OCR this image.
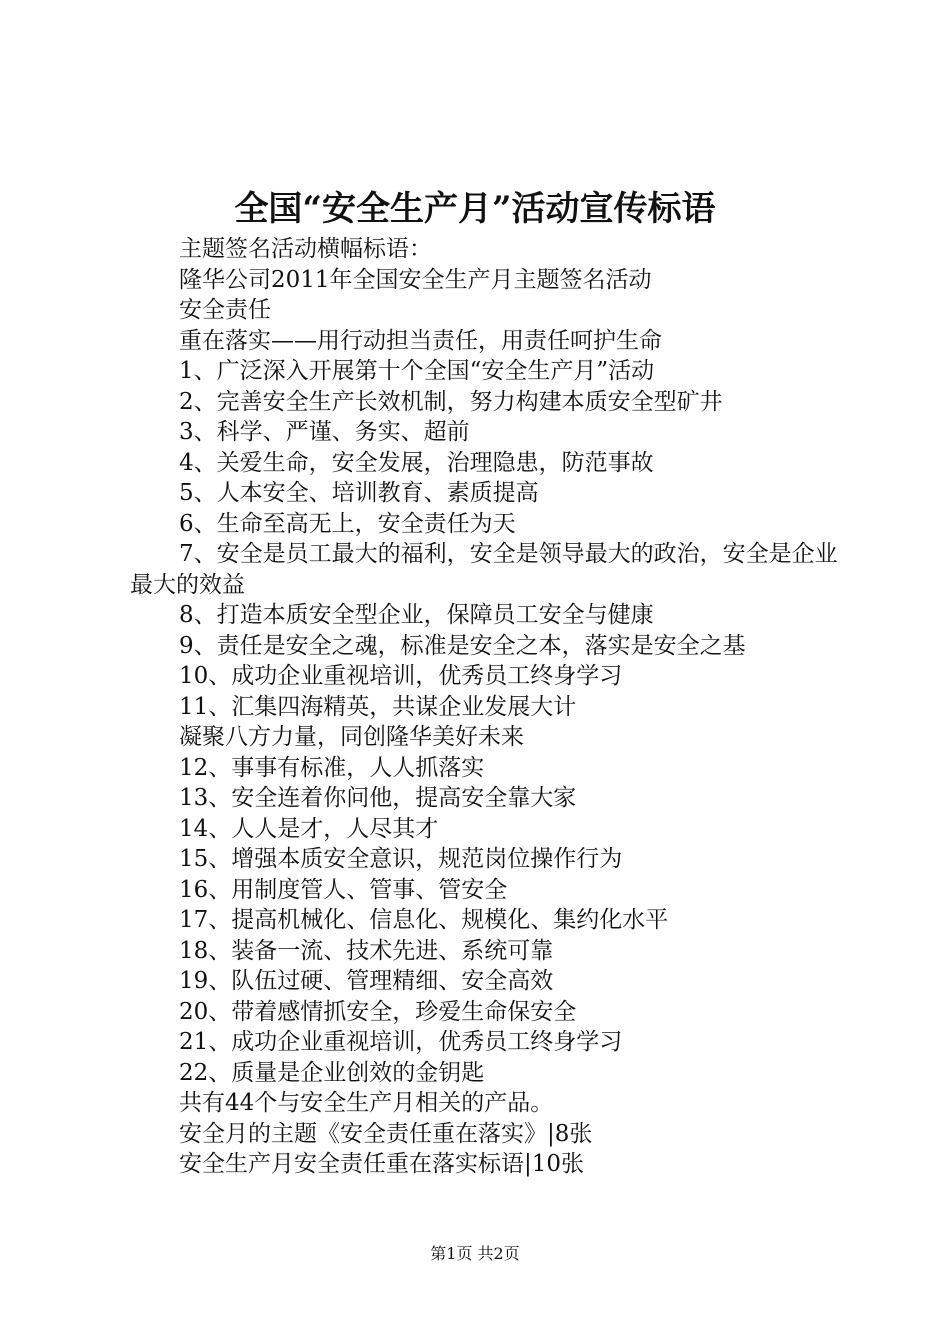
全国“安全生产月”活动宣传标语

主题签名活动横幅标语：

隆华公司2011年全国安全生产月主题签名活动

安全责任

重在落实——用行动担当责任，用责任呵护生命

1、广泛深入开展第十个全国“安全生产月”活动

2、完善安全生产长效机制，努力构建本质安全型矿井

3、科学、严谨、务实、超前

4、关爱生命，安全发展，治理隐患，防范事故

5、人本安全、培训教育、素质提高

6、生命至高无上，安全责任为天

7、安全是员工最大的福利，安全是领导最大的政治，安全是企业最大的效益

8、打造本质安全型企业，保障员工安全与健康

9、责任是安全之魂，标准是安全之本，落实是安全之基

10、成功企业重视培训，优秀员工终身学习

11、汇集四海精英，共谋企业发展大计

凝聚八方力量，同创隆华美好未来

12、事事有标准，人人抓落实

13、安全连着你问他，提高安全靠大家

14、人人是才，人尽其才

15、增强本质安全意识，规范岗位操作行为

16、用制度管人、管事、管安全

17、提高机械化、信息化、规模化、集约化水平

18、装备一流、技术先进、系统可靠

19、队伍过硬、管理精细、安全高效

20、带着感情抓安全，珍爱生命保安全

21、成功企业重视培训，优秀员工终身学习

22、质量是企业创效的金钥匙

共有44个与安全生产月相关的产品。

安全月的主题《安全责任重在落实》|8张

安全生产月安全责任重在落实标语|10张

第1页 共2页
